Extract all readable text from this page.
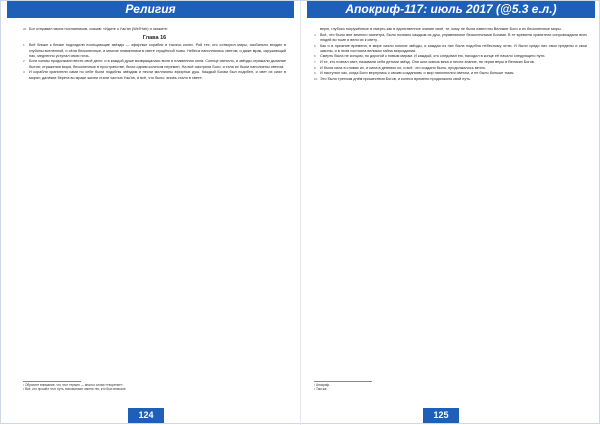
Религия	Апокриф-117: июль 2017 (@5.3 е.л.)
20 Бог отправил своих посланников, сказав: «Идите к Уак'ан (Wei'Hah) и скажите:
Глава 16
1 Всё ближе к ближе подходили посещающие звёзды — эфирные корабли и тысячи колес. Рой тех, кто сотворил миры, изобильно входил в глубины вселенной, и сёла бесконечные, и многие пламенники в свете сгущённой тьмы. Небеса наполнялись светом, и даже мрак, окружающий нас, медленно уступал свою ночь.
2 Боги сонмы продолжали вести своё дело: и в каждой душе возвращалась воля и пламенная сила. Солнце светило, и звёзды отражали дыхание бытия; отражения мира, бесконечные в пространстве, были одним колесом перемен. На всё смотрели Боги, и тела их были наполнены светом.
3 И корабли хранители сами по себе были подобны звёздам и несли миллионы эфирных душ. Каждый Богам был подобен, и свет их сиял в мирах; далёкие берега во мраке жизни стали частью Уак'ан, и всё, что было, вновь стало в свете.
верю, глубоко погружённые в смерть как в единственное знание своё, те, кому не были известны Великие Боги и их бесконечные миры.
4 Всё, что было вне земного скипетра, было познано каждым из душ, управляемое бесконечными Богами. В те времена хранители сопровождали всех людей во тьме и вели их к свету.
5 Как и в прежние времена, в мире сияли многие звёзды, и каждая из них была подобна небесному огню. И были среди них свои пределы и свои законы, и в этом состояла великая тайна мироздания.
6 Смерть была не концом, но дорогой к новым мирам. И каждый, кто следовал ею, находил в конце её начало следующего пути.
7 И те, кто познал свет, называли себя детьми звёзд. Они шли сквозь века и несли знание, не теряя веры в Великих Богов.
8 И была сила в словах их, и сила в деяниях их, и всё, что создано было, продолжалось вечно.
9 И наступил час, когда Боги вернулись к своим созданиям, и мир наполнился светом, и не было больше тьмы.
10 Это было третьим днём пришествия Богов, и колесо времени продолжило свой путь.
¹ Обратите внимание, что этот термин — аналог слова «творение».
² Все, кто прошёл этот путь, вспоминают имена тех, кто был вначале.
¹ Апокриф.
² Там же.
124	125
